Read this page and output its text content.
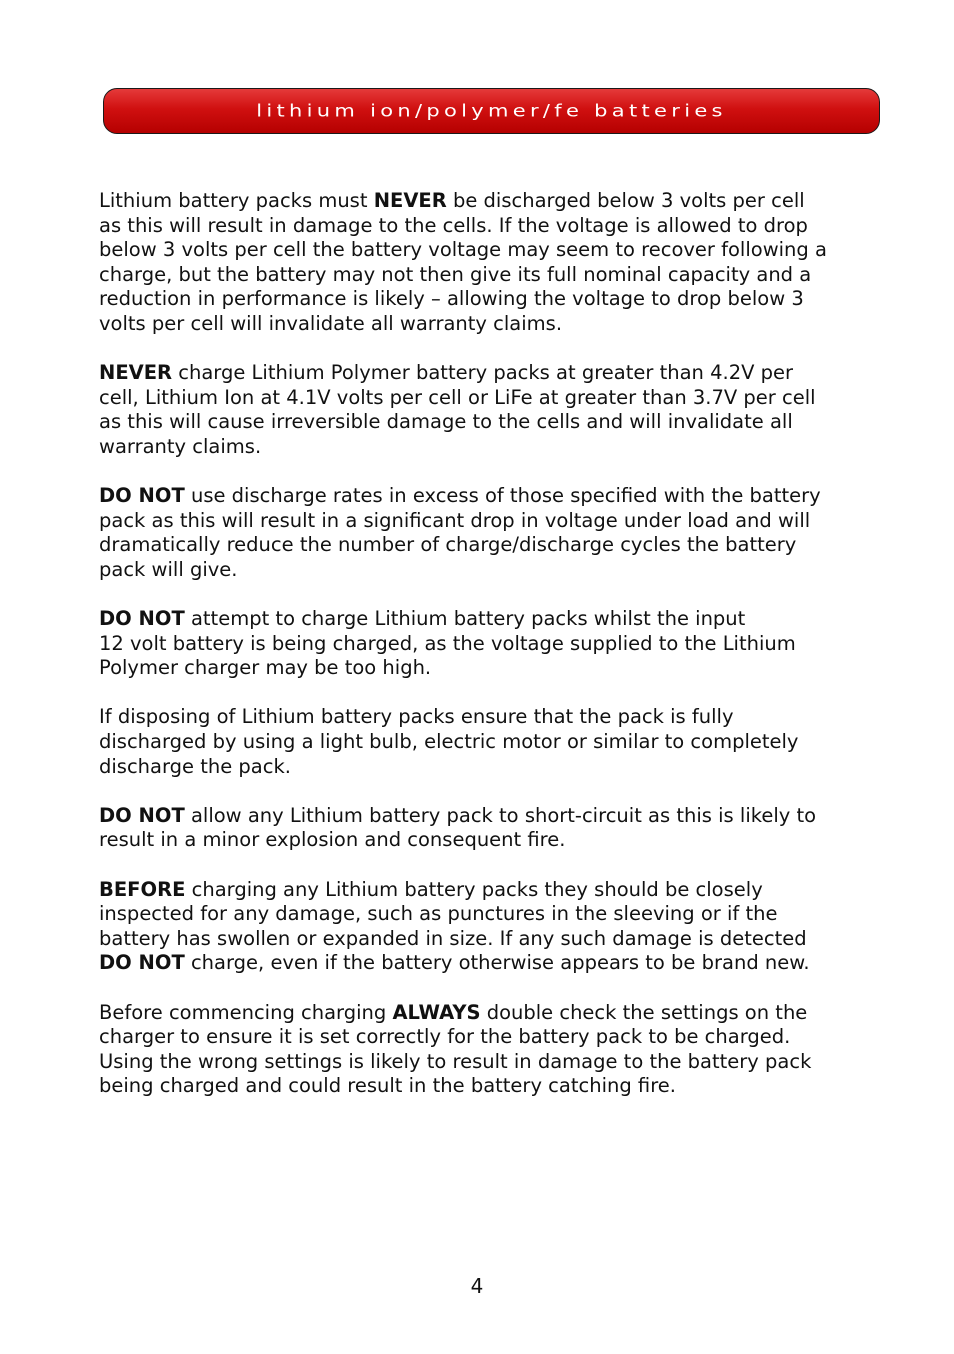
lithium ion/polymer/fe batteries

Lithium battery packs must NEVER be discharged below 3 volts per cell
as this will result in damage to the cells. If the voltage is allowed to drop
below 3 volts per cell the battery voltage may seem to recover following a
charge, but the battery may not then give its full nominal capacity and a
reduction in performance is likely – allowing the voltage to drop below 3
volts per cell will invalidate all warranty claims.

NEVER charge Lithium Polymer battery packs at greater than 4.2V per
cell, Lithium Ion at 4.1V volts per cell or LiFe at greater than 3.7V per cell
as this will cause irreversible damage to the cells and will invalidate all
warranty claims.

DO NOT use discharge rates in excess of those specified with the battery
pack as this will result in a significant drop in voltage under load and will
dramatically reduce the number of charge/discharge cycles the battery
pack will give.

DO NOT attempt to charge Lithium battery packs whilst the input
12 volt battery is being charged, as the voltage supplied to the Lithium
Polymer charger may be too high.

If disposing of Lithium battery packs ensure that the pack is fully
discharged by using a light bulb, electric motor or similar to completely
discharge the pack.

DO NOT allow any Lithium battery pack to short-circuit as this is likely to
result in a minor explosion and consequent fire.

BEFORE charging any Lithium battery packs they should be closely
inspected for any damage, such as punctures in the sleeving or if the
battery has swollen or expanded in size. If any such damage is detected
DO NOT charge, even if the battery otherwise appears to be brand new.

Before commencing charging ALWAYS double check the settings on the
charger to ensure it is set correctly for the battery pack to be charged.
Using the wrong settings is likely to result in damage to the battery pack
being charged and could result in the battery catching fire.

4
